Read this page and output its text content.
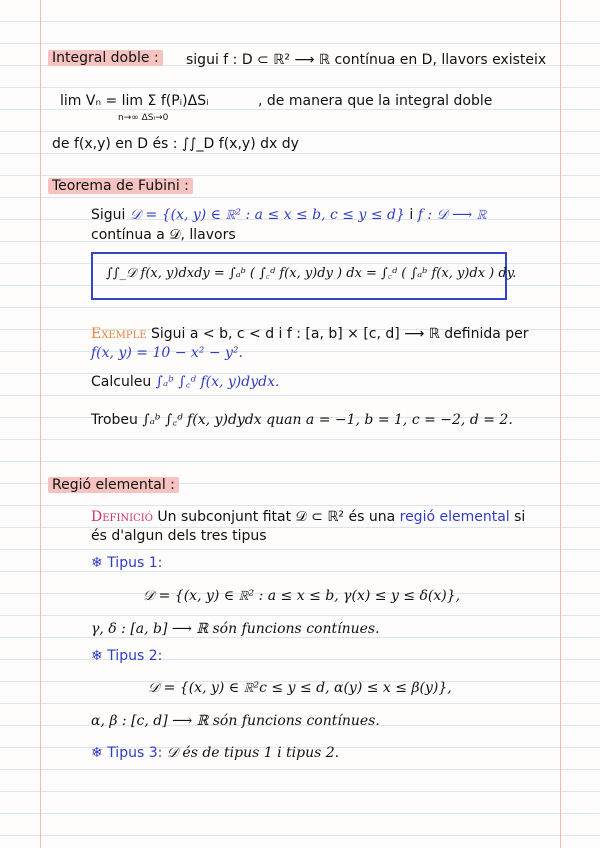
Integral doble : sigui f : D ⊂ ℝ² ⟶ ℝ contínua en D, llavors existeix
lim Vₙ = lim Σ f(Pᵢ)ΔSᵢ
n→∞ ΔSᵢ→0
, de manera que la integral doble
de f(x,y) en D és : ∫∫_D f(x,y) dx dy
Teorema de Fubini :
Sigui 𝒟 = {(x, y) ∈ ℝ² : a ≤ x ≤ b, c ≤ y ≤ d} i f : 𝒟 ⟶ ℝ
contínua a 𝒟, llavors
∫∫_𝒟 f(x, y)dxdy = ∫ₐᵇ ( ∫꜀ᵈ f(x, y)dy ) dx = ∫꜀ᵈ ( ∫ₐᵇ f(x, y)dx ) dy.
Exemple Sigui a < b, c < d i f : [a, b] × [c, d] ⟶ ℝ definida per
f(x, y) = 10 − x² − y².
Calculeu ∫ₐᵇ ∫꜀ᵈ f(x, y)dydx.
Trobeu ∫ₐᵇ ∫꜀ᵈ f(x, y)dydx quan a = −1, b = 1, c = −2, d = 2.
Regió elemental :
Definició Un subconjunt fitat 𝒟 ⊂ ℝ² és una regió elemental si
és d'algun dels tres tipus
❄ Tipus 1:
𝒟 = {(x, y) ∈ ℝ² : a ≤ x ≤ b, γ(x) ≤ y ≤ δ(x)},
γ, δ : [a, b] ⟶ ℝ són funcions contínues.
❄ Tipus 2:
𝒟 = {(x, y) ∈ ℝ²c ≤ y ≤ d, α(y) ≤ x ≤ β(y)},
α, β : [c, d] ⟶ ℝ són funcions contínues.
❄ Tipus 3: 𝒟 és de tipus 1 i tipus 2.
